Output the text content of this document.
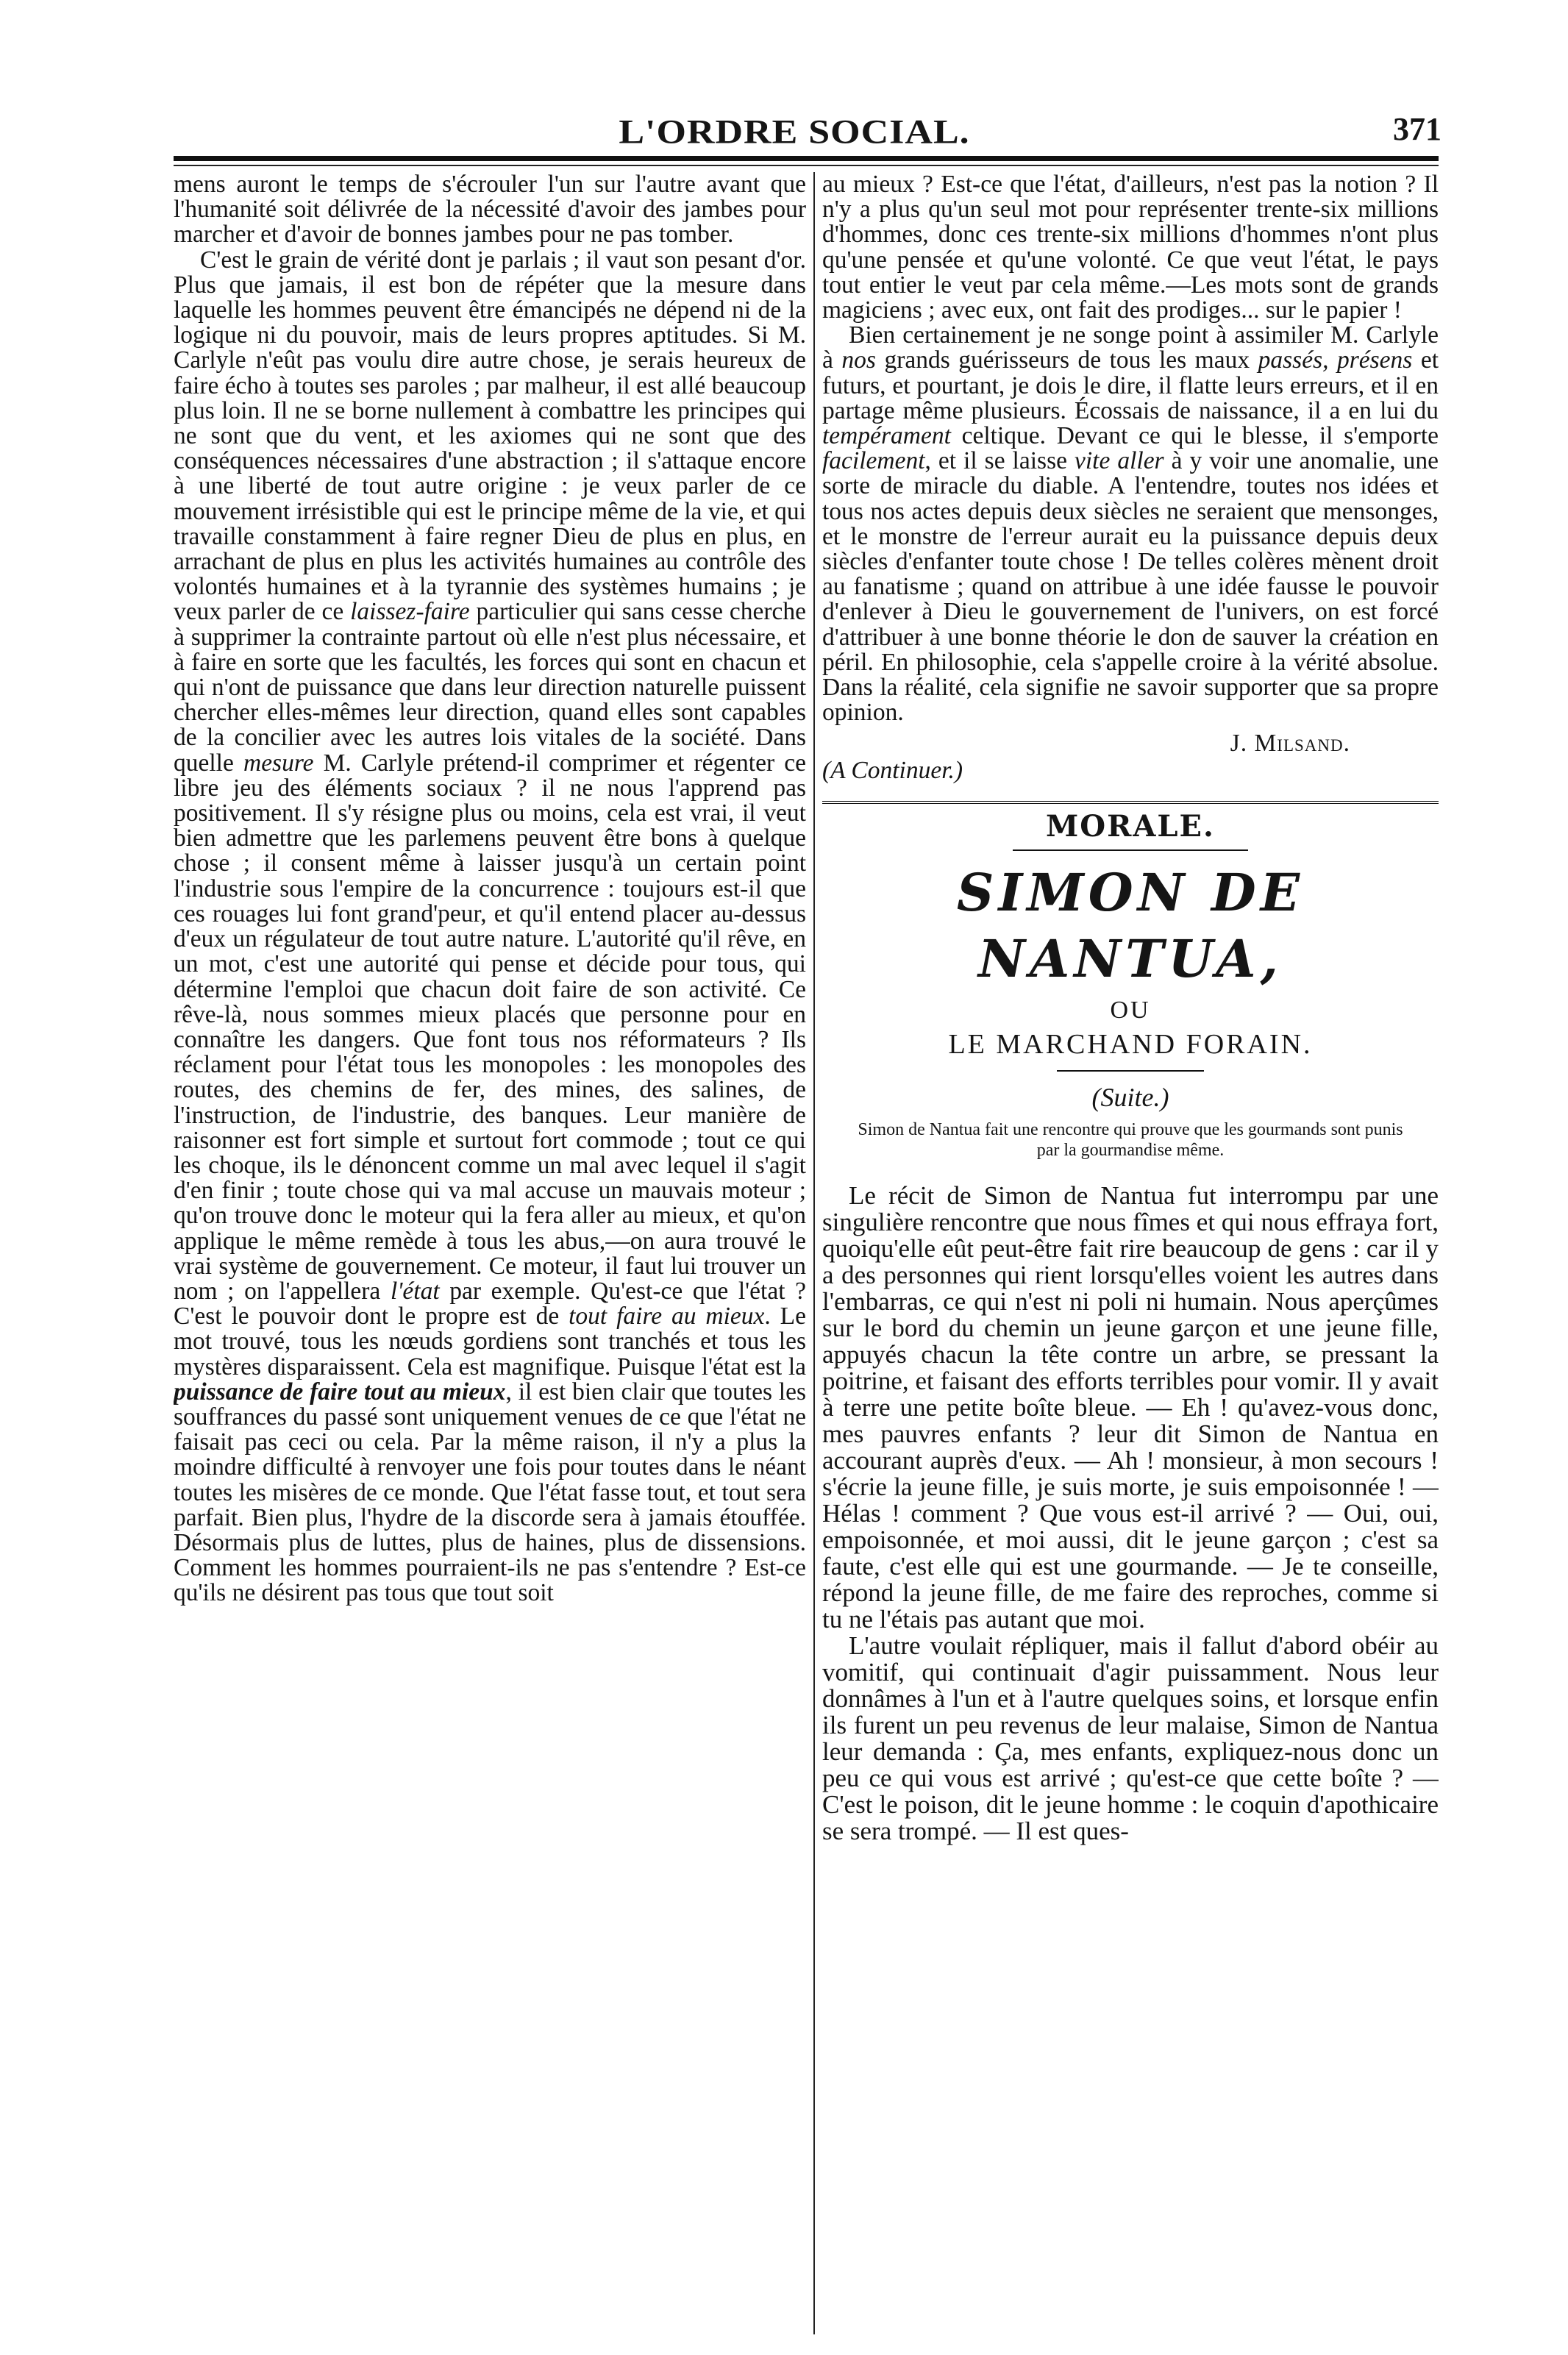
L'ORDRE SOCIAL.	371

mens auront le temps de s'écrouler l'un sur l'autre avant que l'humanité soit délivrée de la nécessité d'avoir des jambes pour marcher et d'avoir de bonnes jambes pour ne pas tomber.

C'est le grain de vérité dont je parlais ; il vaut son pesant d'or. Plus que jamais, il est bon de répéter que la mesure dans laquelle les hommes peuvent être émancipés ne dépend ni de la logique ni du pouvoir, mais de leurs propres aptitudes. Si M. Carlyle n'eût pas voulu dire autre chose, je serais heureux de faire écho à toutes ses paroles ; par malheur, il est allé beaucoup plus loin. Il ne se borne nullement à combattre les principes qui ne sont que du vent, et les axiomes qui ne sont que des conséquences nécessaires d'une abstraction ; il s'attaque encore à une liberté de tout autre origine : je veux parler de ce mouvement irrésistible qui est le principe même de la vie, et qui travaille constamment à faire regner Dieu de plus en plus, en arrachant de plus en plus les activités humaines au contrôle des volontés humaines et à la tyrannie des systèmes humains ; je veux parler de ce laissez-faire particulier qui sans cesse cherche à supprimer la contrainte partout où elle n'est plus nécessaire, et à faire en sorte que les facultés, les forces qui sont en chacun et qui n'ont de puissance que dans leur direction naturelle puissent chercher elles-mêmes leur direction, quand elles sont capables de la concilier avec les autres lois vitales de la société. Dans quelle mesure M. Carlyle prétend-il comprimer et régenter ce libre jeu des éléments sociaux ? il ne nous l'apprend pas positivement. Il s'y résigne plus ou moins, cela est vrai, il veut bien admettre que les parlemens peuvent être bons à quelque chose ; il consent même à laisser jusqu'à un certain point l'industrie sous l'empire de la concurrence : toujours est-il que ces rouages lui font grand'peur, et qu'il entend placer au-dessus d'eux un régulateur de tout autre nature. L'autorité qu'il rêve, en un mot, c'est une autorité qui pense et décide pour tous, qui détermine l'emploi que chacun doit faire de son activité. Ce rêve-là, nous sommes mieux placés que personne pour en connaître les dangers. Que font tous nos réformateurs ? Ils réclament pour l'état tous les monopoles : les monopoles des routes, des chemins de fer, des mines, des salines, de l'instruction, de l'industrie, des banques. Leur manière de raisonner est fort simple et surtout fort commode ; tout ce qui les choque, ils le dénoncent comme un mal avec lequel il s'agit d'en finir ; toute chose qui va mal accuse un mauvais moteur ; qu'on trouve donc le moteur qui la fera aller au mieux, et qu'on applique le même remède à tous les abus,—on aura trouvé le vrai système de gouvernement. Ce moteur, il faut lui trouver un nom ; on l'appellera l'état par exemple. Qu'est-ce que l'état ? C'est le pouvoir dont le propre est de tout faire au mieux. Le mot trouvé, tous les nœuds gordiens sont tranchés et tous les mystères disparaissent. Cela est magnifique. Puisque l'état est la puissance de faire tout au mieux, il est bien clair que toutes les souffrances du passé sont uniquement venues de ce que l'état ne faisait pas ceci ou cela. Par la même raison, il n'y a plus la moindre difficulté à renvoyer une fois pour toutes dans le néant toutes les misères de ce monde. Que l'état fasse tout, et tout sera parfait. Bien plus, l'hydre de la discorde sera à jamais étouffée. Désormais plus de luttes, plus de haines, plus de dissensions. Comment les hommes pourraient-ils ne pas s'entendre ? Est-ce qu'ils ne désirent pas tous que tout soit

au mieux ? Est-ce que l'état, d'ailleurs, n'est pas la notion ? Il n'y a plus qu'un seul mot pour représenter trente-six millions d'hommes, donc ces trente-six millions d'hommes n'ont plus qu'une pensée et qu'une volonté. Ce que veut l'état, le pays tout entier le veut par cela même.—Les mots sont de grands magiciens ; avec eux, ont fait des prodiges... sur le papier !

Bien certainement je ne songe point à assimiler M. Carlyle à nos grands guérisseurs de tous les maux passés, présens et futurs, et pourtant, je dois le dire, il flatte leurs erreurs, et il en partage même plusieurs. Écossais de naissance, il a en lui du tempérament celtique. Devant ce qui le blesse, il s'emporte facilement, et il se laisse vite aller à y voir une anomalie, une sorte de miracle du diable. A l'entendre, toutes nos idées et tous nos actes depuis deux siècles ne seraient que mensonges, et le monstre de l'erreur aurait eu la puissance depuis deux siècles d'enfanter toute chose ! De telles colères mènent droit au fanatisme ; quand on attribue à une idée fausse le pouvoir d'enlever à Dieu le gouvernement de l'univers, on est forcé d'attribuer à une bonne théorie le don de sauver la création en péril. En philosophie, cela s'appelle croire à la vérité absolue. Dans la réalité, cela signifie ne savoir supporter que sa propre opinion.

J. Milsand.

(A Continuer.)

MORALE.
SIMON DE NANTUA,
OU
LE MARCHAND FORAIN.
(Suite.)
Simon de Nantua fait une rencontre qui prouve que les gourmands sont punis par la gourmandise même.

Le récit de Simon de Nantua fut interrompu par une singulière rencontre que nous fîmes et qui nous effraya fort, quoiqu'elle eût peut-être fait rire beaucoup de gens : car il y a des personnes qui rient lorsqu'elles voient les autres dans l'embarras, ce qui n'est ni poli ni humain. Nous aperçûmes sur le bord du chemin un jeune garçon et une jeune fille, appuyés chacun la tête contre un arbre, se pressant la poitrine, et faisant des efforts terribles pour vomir. Il y avait à terre une petite boîte bleue. — Eh ! qu'avez-vous donc, mes pauvres enfants ? leur dit Simon de Nantua en accourant auprès d'eux. — Ah ! monsieur, à mon secours ! s'écrie la jeune fille, je suis morte, je suis empoisonnée ! — Hélas ! comment ? Que vous est-il arrivé ? — Oui, oui, empoisonnée, et moi aussi, dit le jeune garçon ; c'est sa faute, c'est elle qui est une gourmande. — Je te conseille, répond la jeune fille, de me faire des reproches, comme si tu ne l'étais pas autant que moi.

L'autre voulait répliquer, mais il fallut d'abord obéir au vomitif, qui continuait d'agir puissamment. Nous leur donnâmes à l'un et à l'autre quelques soins, et lorsque enfin ils furent un peu revenus de leur malaise, Simon de Nantua leur demanda : Ça, mes enfants, expliquez-nous donc un peu ce qui vous est arrivé ; qu'est-ce que cette boîte ? — C'est le poison, dit le jeune homme : le coquin d'apothicaire se sera trompé. — Il est ques-
